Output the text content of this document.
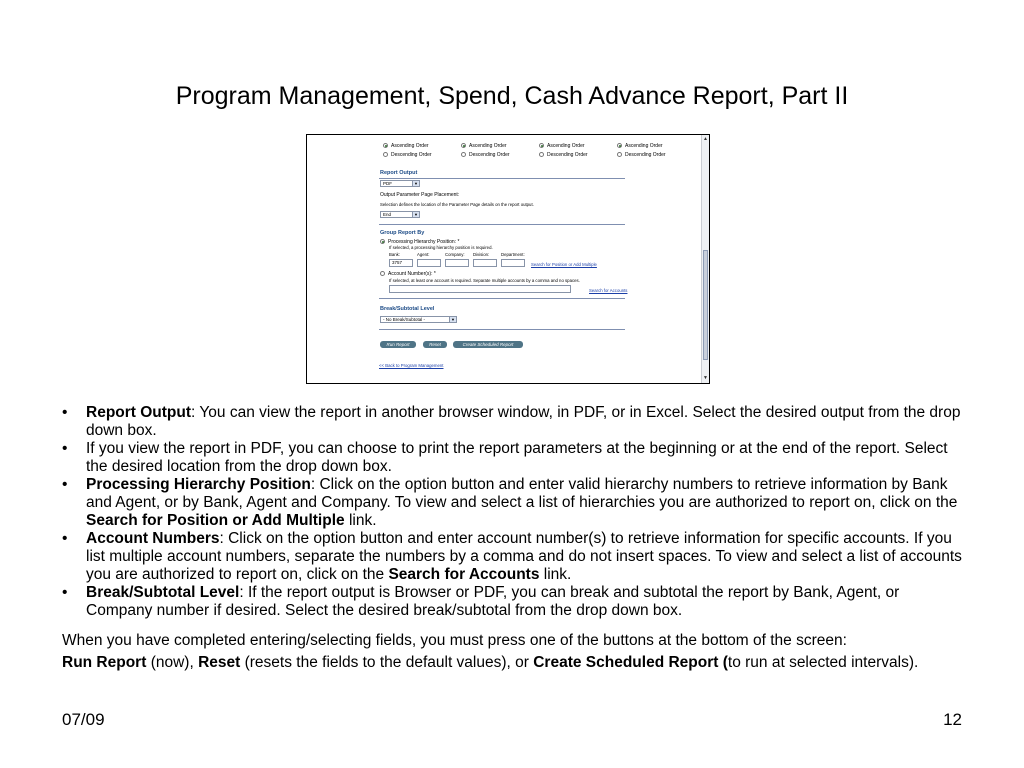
Program Management, Spend, Cash Advance Report, Part II
Ascending Order
Descending Order
Ascending Order
Descending Order
Ascending Order
Descending Order
Ascending Order
Descending Order
Report Output
PDF	▼
Output Parameter Page Placement:
Selection defines the location of the Parameter Page details on the report output.
End	▼
Group Report By
Processing Hierarchy Position: *
If selected, a processing hierarchy position is required.
Bank:	Agent:	Company: Division:	Department:
3757	Search for Position or Add Multiple
Account Number(s): *
If selected, at least one account is required. Separate multiple accounts by a comma and no spaces.
Search for Accounts
Break/Subtotal Level
- No Break/Subtotal -	▼
Run Report	Reset	Create Scheduled Report
<< Back to Program Management
▲
▼
• Report Output: You can view the report in another browser window, in PDF, or in Excel. Select the desired output from the drop down box.
• If you view the report in PDF, you can choose to print the report parameters at the beginning or at the end of the report. Select the desired location from the drop down box.
• Processing Hierarchy Position: Click on the option button and enter valid hierarchy numbers to retrieve information by Bank and Agent, or by Bank, Agent and Company. To view and select a list of hierarchies you are authorized to report on, click on the Search for Position or Add Multiple link.
• Account Numbers: Click on the option button and enter account number(s) to retrieve information for specific accounts. If you list multiple account numbers, separate the numbers by a comma and do not insert spaces. To view and select a list of accounts you are authorized to report on, click on the Search for Accounts link.
• Break/Subtotal Level: If the report output is Browser or PDF, you can break and subtotal the report by Bank, Agent, or Company number if desired. Select the desired break/subtotal from the drop down box.

When you have completed entering/selecting fields, you must press one of the buttons at the bottom of the screen:

Run Report (now), Reset (resets the fields to the default values), or Create Scheduled Report (to run at selected intervals).

07/09	12
